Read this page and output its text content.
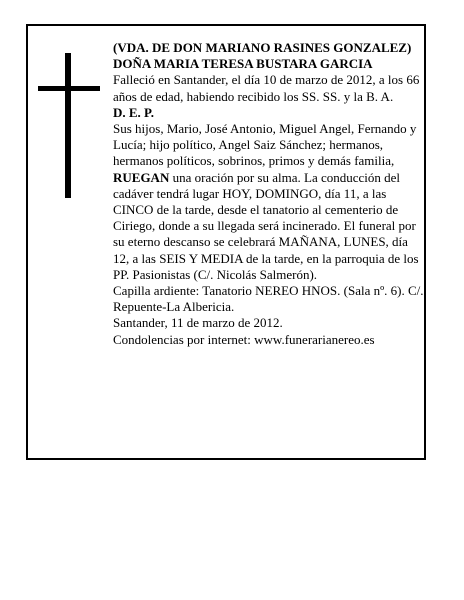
(VDA. DE DON MARIANO RASINES GONZALEZ)

DOÑA MARIA TERESA BUSTARA GARCIA

Falleció en Santander, el día 10 de marzo de 2012, a los 66 años de edad, habiendo recibido los SS. SS. y la B. A.

D. E. P.

Sus hijos, Mario, José Antonio, Miguel Angel, Fernando y Lucía; hijo político, Angel Saiz Sánchez; hermanos, hermanos políticos, sobrinos, primos y demás familia,

RUEGAN una oración por su alma. La conducción del cadáver tendrá lugar HOY, DOMINGO, día 11, a las CINCO de la tarde, desde el tanatorio al cementerio de Ciriego, donde a su llegada será incinerado. El funeral por su eterno descanso se celebrará MAÑANA, LUNES, día 12, a las SEIS Y MEDIA de la tarde, en la parroquia de los PP. Pasionistas (C/. Nicolás Salmerón).

Capilla ardiente: Tanatorio NEREO HNOS. (Sala nº. 6). C/. Repuente-La Albericia.

Santander, 11 de marzo de 2012.

Condolencias por internet: www.funerarianereo.es
